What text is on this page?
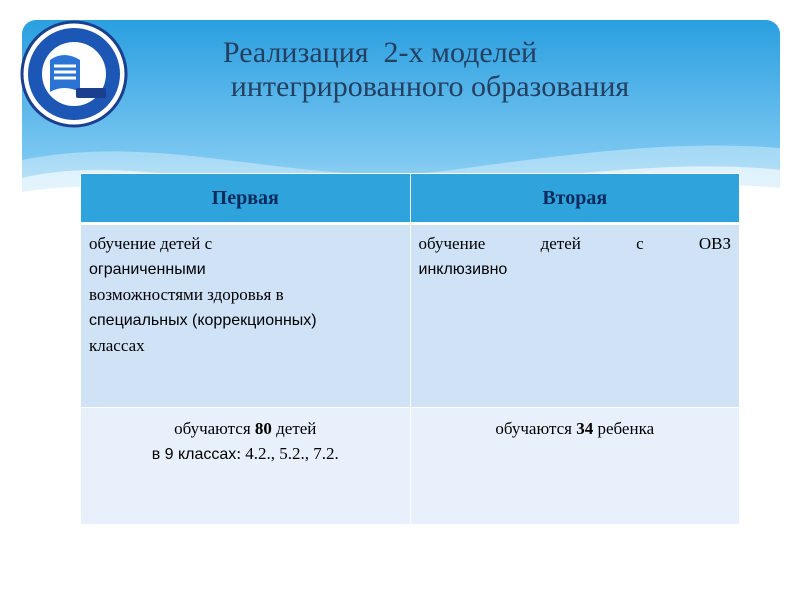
Реализация  2-х моделей
интегрированного образования
Первая	Вторая
обучение детей с
ограниченными
возможностями здоровья в
специальных (коррекционных)
классах	обучение детей с ОВЗ
инклюзивно
обучаются 80 детей
в 9 классах: 4.2., 5.2., 7.2.	обучаются 34 ребенка
